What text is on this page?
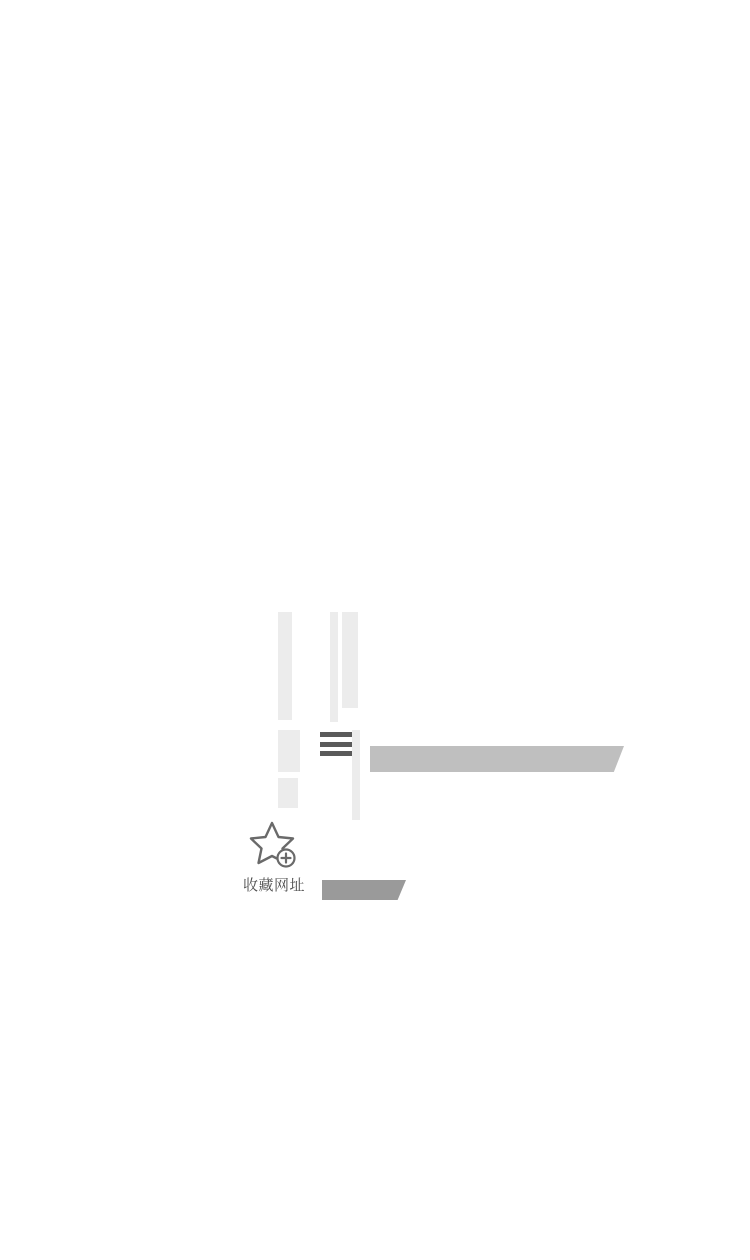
收藏网址
